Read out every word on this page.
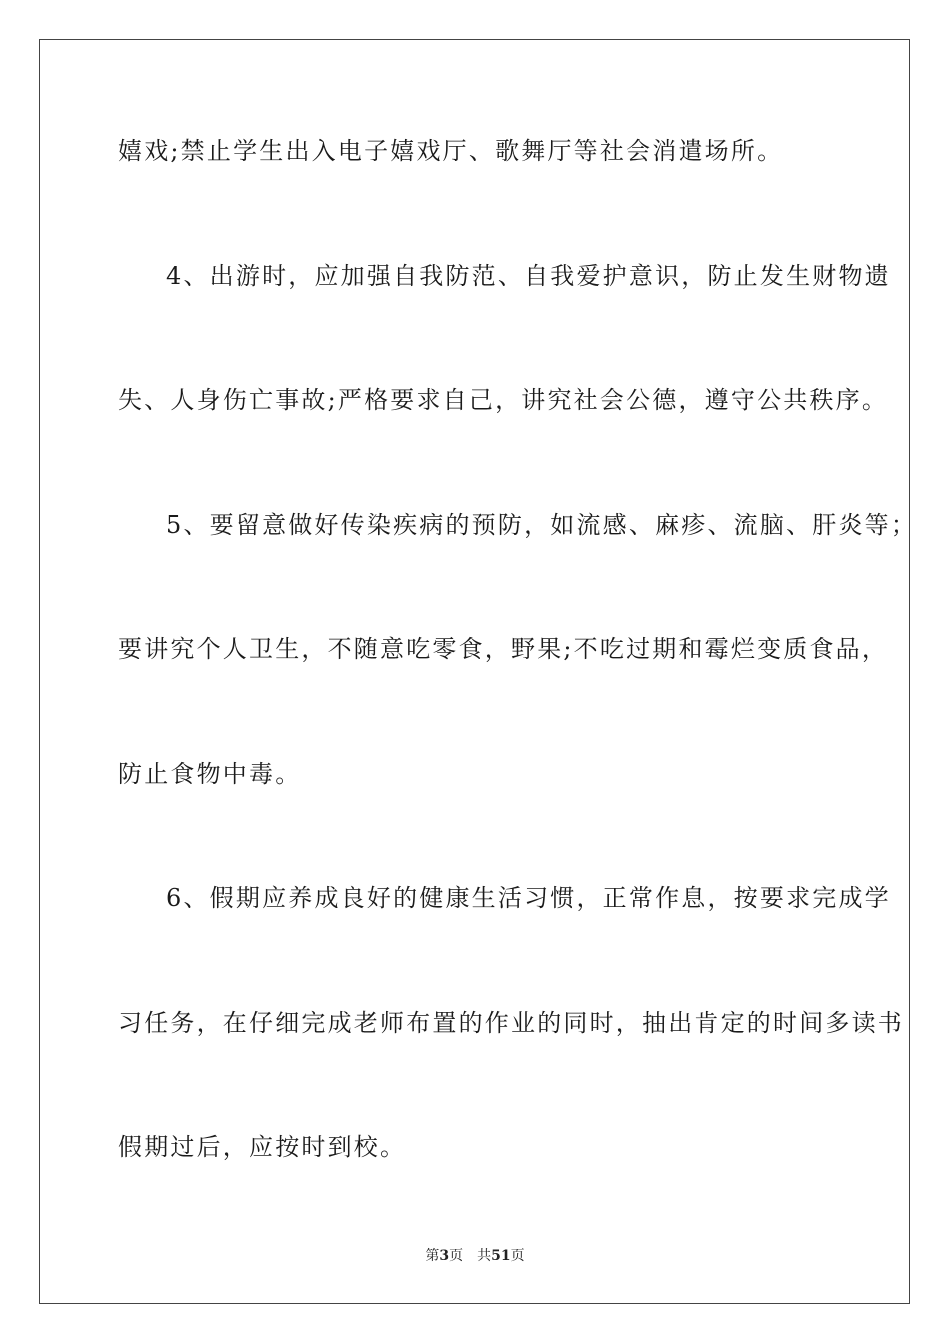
嬉戏;禁止学生出入电子嬉戏厅、歌舞厅等社会消遣场所。
4、出游时，应加强自我防范、自我爱护意识，防止发生财物遗
失、人身伤亡事故;严格要求自己，讲究社会公德，遵守公共秩序。
5、要留意做好传染疾病的预防，如流感、麻疹、流脑、肝炎等；
要讲究个人卫生，不随意吃零食，野果;不吃过期和霉烂变质食品，
防止食物中毒。
6、假期应养成良好的健康生活习惯，正常作息，按要求完成学
习任务，在仔细完成老师布置的作业的同时，抽出肯定的时间多读书
假期过后，应按时到校。
第3页 共51页
